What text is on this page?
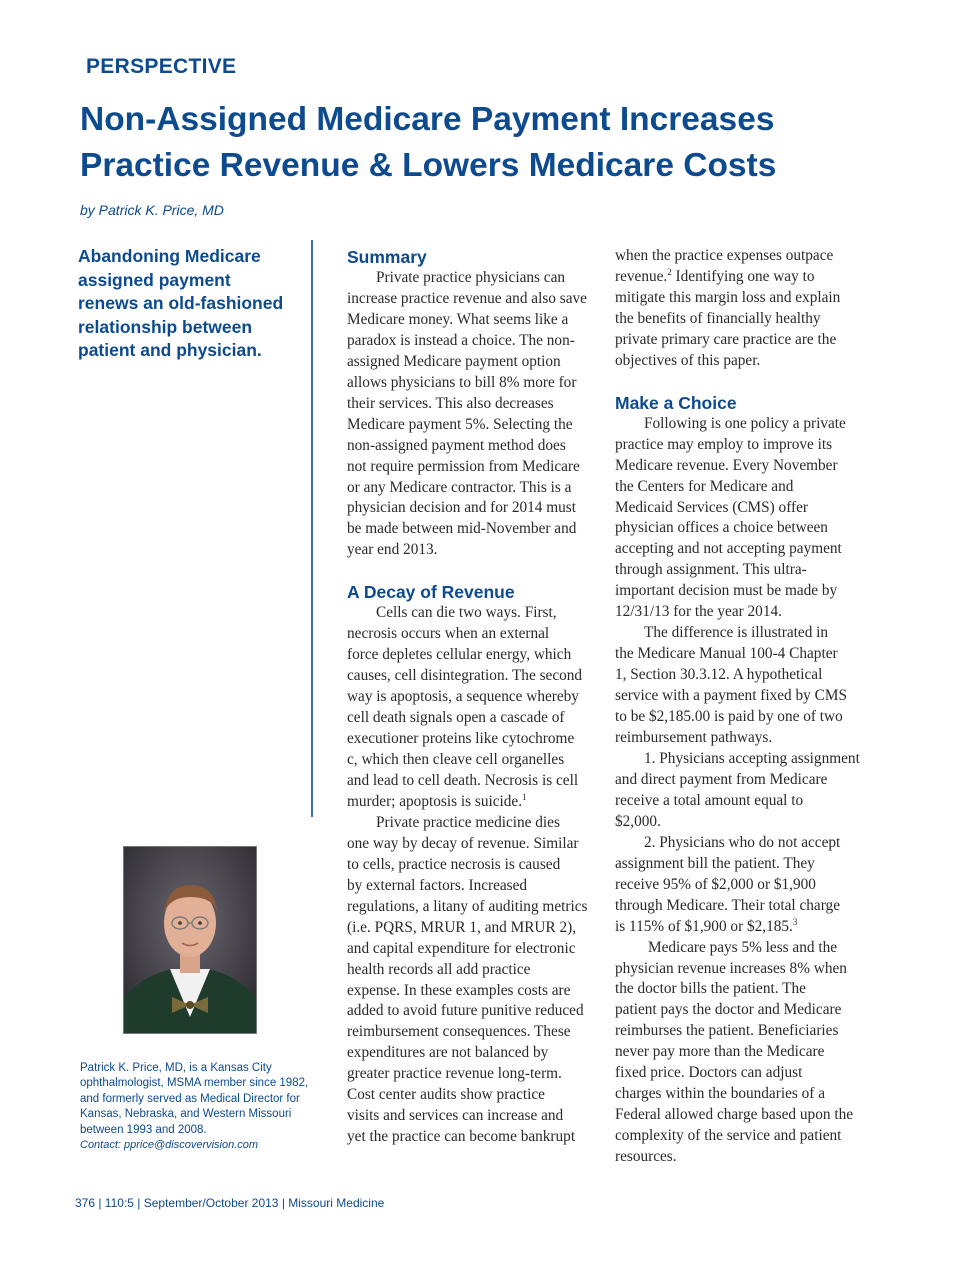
PERSPECTIVE
Non-Assigned Medicare Payment Increases
Practice Revenue & Lowers Medicare Costs
by Patrick K. Price, MD
Abandoning Medicare
assigned payment
renews an old-fashioned
relationship between
patient and physician.
Patrick K. Price, MD, is a Kansas City
ophthalmologist, MSMA member since 1982,
and formerly served as Medical Director for
Kansas, Nebraska, and Western Missouri
between 1993 and 2008.
Contact: pprice@discovervision.com
Summary
Private practice physicians can
increase practice revenue and also save
Medicare money. What seems like a
paradox is instead a choice. The non-
assigned Medicare payment option
allows physicians to bill 8% more for
their services. This also decreases
Medicare payment 5%. Selecting the
non-assigned payment method does
not require permission from Medicare
or any Medicare contractor. This is a
physician decision and for 2014 must
be made between mid-November and
year end 2013.
A Decay of Revenue
Cells can die two ways. First,
necrosis occurs when an external
force depletes cellular energy, which
causes, cell disintegration. The second
way is apoptosis, a sequence whereby
cell death signals open a cascade of
executioner proteins like cytochrome
c, which then cleave cell organelles
and lead to cell death. Necrosis is cell
murder; apoptosis is suicide.$^1$
Private practice medicine dies
one way by decay of revenue. Similar
to cells, practice necrosis is caused
by external factors. Increased
regulations, a litany of auditing metrics
(i.e. PQRS, MRUR 1, and MRUR 2),
and capital expenditure for electronic
health records all add practice
expense. In these examples costs are
added to avoid future punitive reduced
reimbursement consequences. These
expenditures are not balanced by
greater practice revenue long-term.
Cost center audits show practice
visits and services can increase and
yet the practice can become bankrupt
when the practice expenses outpace
revenue.$^2$ Identifying one way to
mitigate this margin loss and explain
the benefits of financially healthy
private primary care practice are the
objectives of this paper.
Make a Choice
Following is one policy a private
practice may employ to improve its
Medicare revenue. Every November
the Centers for Medicare and
Medicaid Services (CMS) offer
physician offices a choice between
accepting and not accepting payment
through assignment. This ultra-
important decision must be made by
12/31/13 for the year 2014.
The difference is illustrated in
the Medicare Manual 100-4 Chapter
1, Section 30.3.12. A hypothetical
service with a payment fixed by CMS
to be $2,185.00 is paid by one of two
reimbursement pathways.
1. Physicians accepting assignment
and direct payment from Medicare
receive a total amount equal to
$2,000.
2. Physicians who do not accept
assignment bill the patient. They
receive 95% of $2,000 or $1,900
through Medicare. Their total charge
is 115% of $1,900 or $2,185.$^3$
Medicare pays 5% less and the
physician revenue increases 8% when
the doctor bills the patient. The
patient pays the doctor and Medicare
reimburses the patient. Beneficiaries
never pay more than the Medicare
fixed price. Doctors can adjust
charges within the boundaries of a
Federal allowed charge based upon the
complexity of the service and patient
resources.
376 | 110:5 | September/October 2013 | Missouri Medicine
